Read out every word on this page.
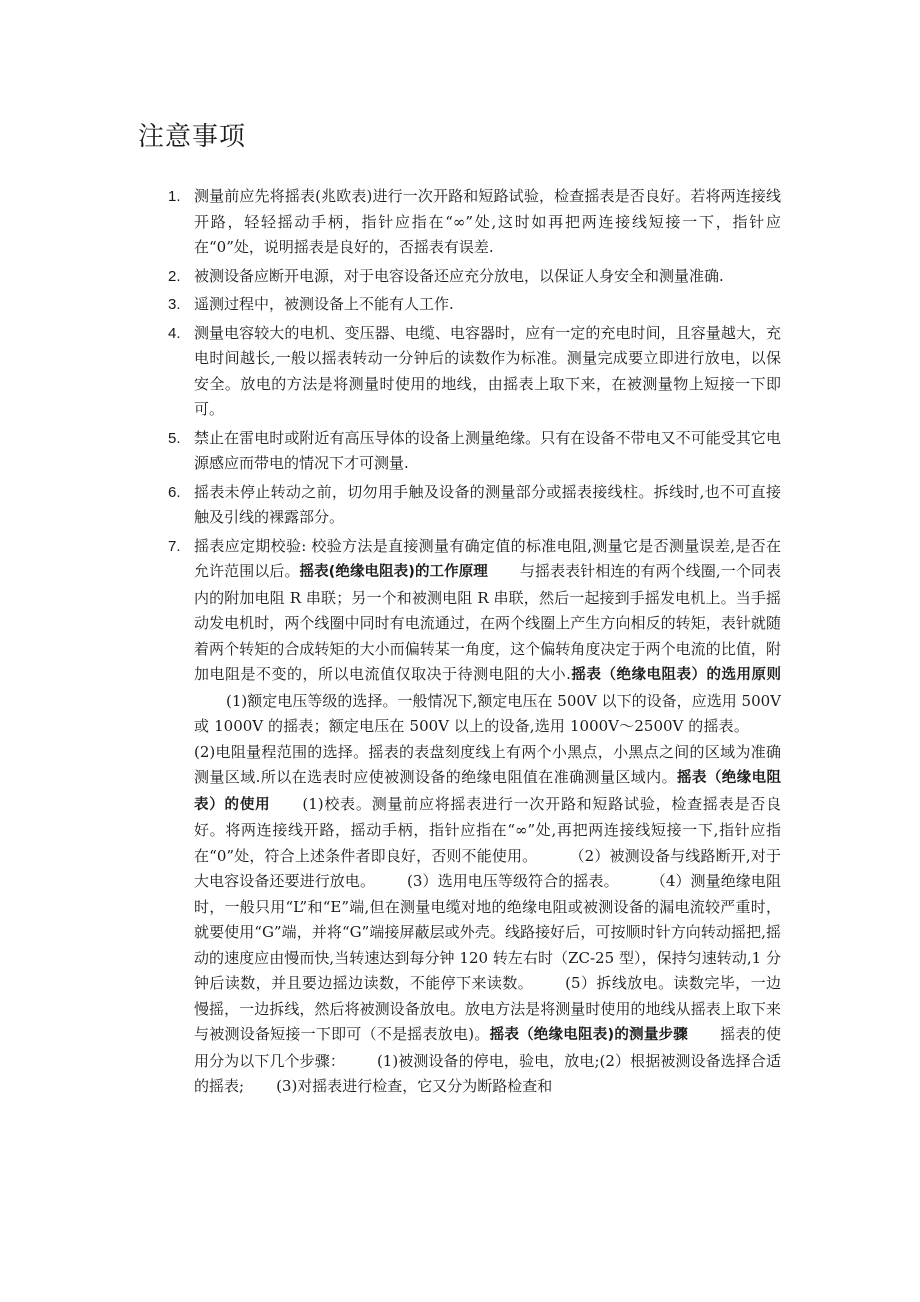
注意事项
1. 测量前应先将摇表(兆欧表)进行一次开路和短路试验，检查摇表是否良好。若将两连接线开路，轻轻摇动手柄，指针应指在“∞”处,这时如再把两连接线短接一下，指针应在“0”处，说明摇表是良好的，否摇表有误差.
2. 被测设备应断开电源，对于电容设备还应充分放电，以保证人身安全和测量准确.
3. 遥测过程中，被测设备上不能有人工作.
4. 测量电容较大的电机、变压器、电缆、电容器时，应有一定的充电时间，且容量越大，充电时间越长,一般以摇表转动一分钟后的读数作为标准。测量完成要立即进行放电，以保安全。放电的方法是将测量时使用的地线，由摇表上取下来，在被测量物上短接一下即可。
5. 禁止在雷电时或附近有高压导体的设备上测量绝缘。只有在设备不带电又不可能受其它电源感应而带电的情况下才可测量.
6. 摇表未停止转动之前，切勿用手触及设备的测量部分或摇表接线柱。拆线时,也不可直接触及引线的裸露部分。
7. 摇表应定期校验: 校验方法是直接测量有确定值的标准电阻,测量它是否测量误差,是否在允许范围以后。摇表(绝缘电阻表)的工作原理 与摇表表针相连的有两个线圈,一个同表内的附加电阻 R 串联；另一个和被测电阻 R 串联，然后一起接到手摇发电机上。当手摇动发电机时，两个线圈中同时有电流通过，在两个线圈上产生方向相反的转矩，表针就随着两个转矩的合成转矩的大小而偏转某一角度，这个偏转角度决定于两个电流的比值，附加电阻是不变的，所以电流值仅取决于待测电阻的大小.摇表（绝缘电阻表）的选用原则(1)额定电压等级的选择。一般情况下,额定电压在 500V 以下的设备，应选用 500V 或 1000V 的摇表；额定电压在 500V 以上的设备,选用 1000V～2500V 的摇表。(2)电阻量程范围的选择。摇表的表盘刻度线上有两个小黑点，小黑点之间的区域为准确测量区域.所以在选表时应使被测设备的绝缘电阻值在准确测量区域内。摇表（绝缘电阻表）的使用 (1)校表。测量前应将摇表进行一次开路和短路试验，检查摇表是否良好。将两连接线开路，摇动手柄，指针应指在“∞”处,再把两连接线短接一下,指针应指在“0”处，符合上述条件者即良好，否则不能使用。 （2）被测设备与线路断开,对于大电容设备还要进行放电。 (3）选用电压等级符合的摇表。 （4）测量绝缘电阻时，一般只用“L”和“E”端,但在测量电缆对地的绝缘电阻或被测设备的漏电流较严重时，就要使用“G”端，并将“G”端接屏蔽层或外壳。线路接好后，可按顺时针方向转动摇把,摇动的速度应由慢而快,当转速达到每分钟 120 转左右时（ZC-25 型），保持匀速转动,1 分钟后读数，并且要边摇边读数，不能停下来读数。 (5）拆线放电。读数完毕，一边慢摇，一边拆线，然后将被测设备放电。放电方法是将测量时使用的地线从摇表上取下来与被测设备短接一下即可（不是摇表放电)。摇表（绝缘电阻表)的测量步骤 摇表的使用分为以下几个步骤： (1)被测设备的停电，验电，放电;(2）根据被测设备选择合适的摇表; (3)对摇表进行检查，它又分为断路检查和
